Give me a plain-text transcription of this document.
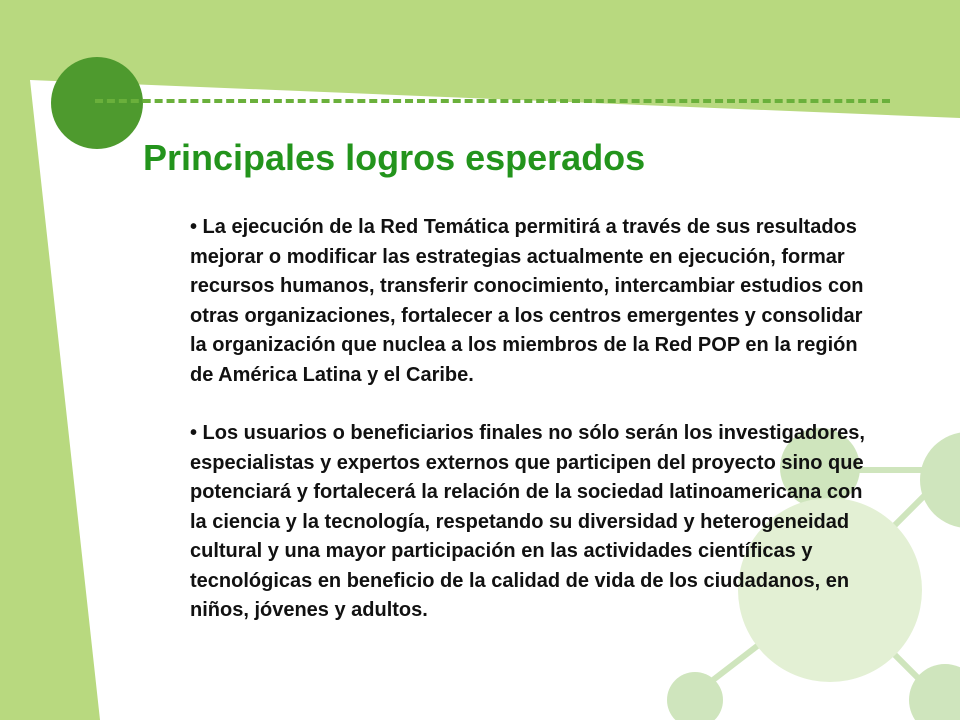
Principales logros esperados

• La ejecución de la Red Temática permitirá a través de sus resultados mejorar o modificar las estrategias actualmente en ejecución, formar recursos humanos, transferir conocimiento, intercambiar estudios con otras organizaciones, fortalecer a los centros emergentes y consolidar la organización que nuclea a los miembros de la Red POP en la región de América Latina y el Caribe.

• Los usuarios o beneficiarios finales no sólo serán los investigadores, especialistas y expertos externos que participen del proyecto sino que potenciará y fortalecerá la relación de la sociedad latinoamericana con la ciencia y la tecnología, respetando su diversidad y heterogeneidad cultural y una mayor participación en las actividades científicas y tecnológicas en beneficio de la calidad de vida de los ciudadanos, en niños, jóvenes y adultos.
